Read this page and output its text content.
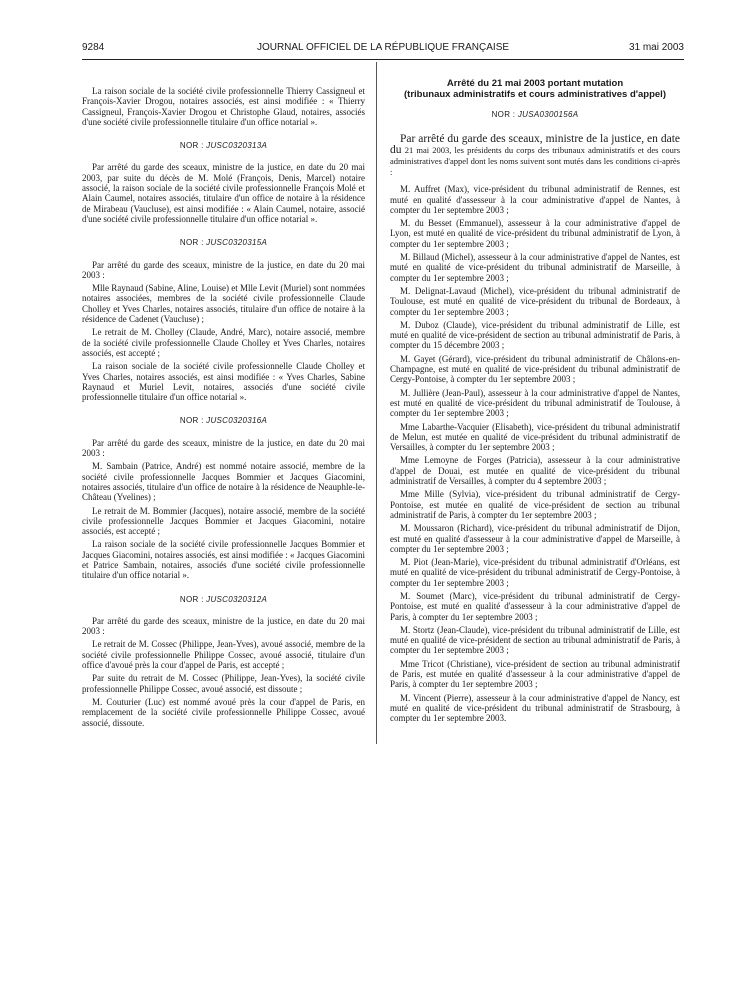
9284	JOURNAL OFFICIEL DE LA RÉPUBLIQUE FRANÇAISE	31 mai 2003

La raison sociale de la société civile professionnelle Thierry Cassigneul et François-Xavier Drogou, notaires associés, est ainsi modifiée : « Thierry Cassigneul, François-Xavier Drogou et Christophe Glaud, notaires, associés d'une société civile professionnelle titulaire d'un office notarial ».

NOR : JUSC0320313A

Par arrêté du garde des sceaux, ministre de la justice, en date du 20 mai 2003, par suite du décès de M. Molé (François, Denis, Marcel) notaire associé, la raison sociale de la société civile professionnelle François Molé et Alain Caumel, notaires associés, titulaire d'un office de notaire à la résidence de Mirabeau (Vaucluse), est ainsi modifiée : « Alain Caumel, notaire, associé d'une société civile professionnelle titulaire d'un office notarial ».

NOR : JUSC0320315A

Par arrêté du garde des sceaux, ministre de la justice, en date du 20 mai 2003 :

Mlle Raynaud (Sabine, Aline, Louise) et Mlle Levit (Muriel) sont nommées notaires associées, membres de la société civile professionnelle Claude Cholley et Yves Charles, notaires associés, titulaire d'un office de notaire à la résidence de Cadenet (Vaucluse) ;

Le retrait de M. Cholley (Claude, André, Marc), notaire associé, membre de la société civile professionnelle Claude Cholley et Yves Charles, notaires associés, est accepté ;

La raison sociale de la société civile professionnelle Claude Cholley et Yves Charles, notaires associés, est ainsi modifiée : « Yves Charles, Sabine Raynaud et Muriel Levit, notaires, associés d'une société civile professionnelle titulaire d'un office notarial ».

NOR : JUSC0320316A

Par arrêté du garde des sceaux, ministre de la justice, en date du 20 mai 2003 :

M. Sambain (Patrice, André) est nommé notaire associé, membre de la société civile professionnelle Jacques Bommier et Jacques Giacomini, notaires associés, titulaire d'un office de notaire à la résidence de Neauphle-le-Château (Yvelines) ;

Le retrait de M. Bommier (Jacques), notaire associé, membre de la société civile professionnelle Jacques Bommier et Jacques Giacomini, notaire associés, est accepté ;

La raison sociale de la société civile professionnelle Jacques Bommier et Jacques Giacomini, notaires associés, est ainsi modifiée : « Jacques Giacomini et Patrice Sambain, notaires, associés d'une société civile professionnelle titulaire d'un office notarial ».

NOR : JUSC0320312A

Par arrêté du garde des sceaux, ministre de la justice, en date du 20 mai 2003 :

Le retrait de M. Cossec (Philippe, Jean-Yves), avoué associé, membre de la société civile professionnelle Philippe Cossec, avoué associé, titulaire d'un office d'avoué près la cour d'appel de Paris, est accepté ;

Par suite du retrait de M. Cossec (Philippe, Jean-Yves), la société civile professionnelle Philippe Cossec, avoué associé, est dissoute ;

M. Couturier (Luc) est nommé avoué près la cour d'appel de Paris, en remplacement de la société civile professionnelle Philippe Cossec, avoué associé, dissoute.

Arrêté du 21 mai 2003 portant mutation
(tribunaux administratifs et cours administratives d'appel)
NOR : JUSA0300156A

Par arrêté du garde des sceaux, ministre de la justice, en date du 21 mai 2003, les présidents du corps des tribunaux administratifs et des cours administratives d'appel dont les noms suivent sont mutés dans les conditions ci-après :

M. Auffret (Max), vice-président du tribunal administratif de Rennes, est muté en qualité d'assesseur à la cour administrative d'appel de Nantes, à compter du 1er septembre 2003 ;

M. du Besset (Emmanuel), assesseur à la cour administrative d'appel de Lyon, est muté en qualité de vice-président du tribunal administratif de Lyon, à compter du 1er septembre 2003 ;

M. Billaud (Michel), assesseur à la cour administrative d'appel de Nantes, est muté en qualité de vice-président du tribunal administratif de Marseille, à compter du 1er septembre 2003 ;

M. Delignat-Lavaud (Michel), vice-président du tribunal administratif de Toulouse, est muté en qualité de vice-président du tribunal de Bordeaux, à compter du 1er septembre 2003 ;

M. Duboz (Claude), vice-président du tribunal administratif de Lille, est muté en qualité de vice-président de section au tribunal administratif de Paris, à compter du 15 décembre 2003 ;

M. Gayet (Gérard), vice-président du tribunal administratif de Châlons-en-Champagne, est muté en qualité de vice-président du tribunal administratif de Cergy-Pontoise, à compter du 1er septembre 2003 ;

M. Jullière (Jean-Paul), assesseur à la cour administrative d'appel de Nantes, est muté en qualité de vice-président du tribunal administratif de Toulouse, à compter du 1er septembre 2003 ;

Mme Labarthe-Vacquier (Elisabeth), vice-président du tribunal administratif de Melun, est mutée en qualité de vice-président du tribunal administratif de Versailles, à compter du 1er septembre 2003 ;

Mme Lemoyne de Forges (Patricia), assesseur à la cour administrative d'appel de Douai, est mutée en qualité de vice-président du tribunal administratif de Versailles, à compter du 4 septembre 2003 ;

Mme Mille (Sylvia), vice-président du tribunal administratif de Cergy-Pontoise, est mutée en qualité de vice-président de section au tribunal administratif de Paris, à compter du 1er septembre 2003 ;

M. Moussaron (Richard), vice-président du tribunal administratif de Dijon, est muté en qualité d'assesseur à la cour administrative d'appel de Marseille, à compter du 1er septembre 2003 ;

M. Piot (Jean-Marie), vice-président du tribunal administratif d'Orléans, est muté en qualité de vice-président du tribunal administratif de Cergy-Pontoise, à compter du 1er septembre 2003 ;

M. Soumet (Marc), vice-président du tribunal administratif de Cergy-Pontoise, est muté en qualité d'assesseur à la cour administrative d'appel de Paris, à compter du 1er septembre 2003 ;

M. Stortz (Jean-Claude), vice-président du tribunal administratif de Lille, est muté en qualité de vice-président de section au tribunal administratif de Paris, à compter du 1er septembre 2003 ;

Mme Tricot (Christiane), vice-président de section au tribunal administratif de Paris, est mutée en qualité d'assesseur à la cour administrative d'appel de Paris, à compter du 1er septembre 2003 ;

M. Vincent (Pierre), assesseur à la cour administrative d'appel de Nancy, est muté en qualité de vice-président du tribunal administratif de Strasbourg, à compter du 1er septembre 2003.
